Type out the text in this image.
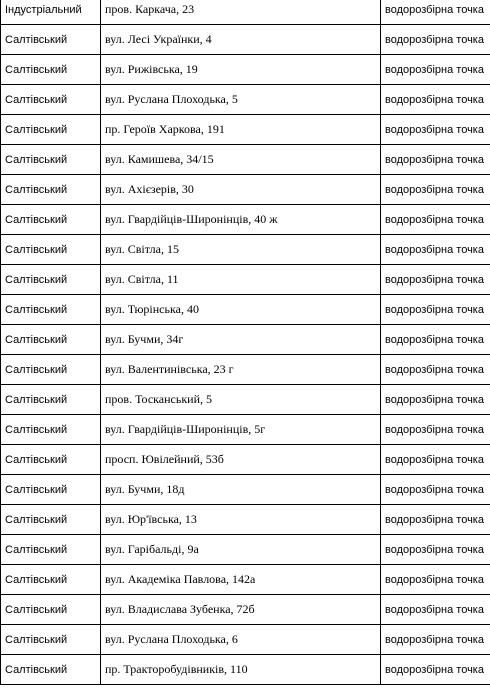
Індустріальний	пров. Каркача, 23	водорозбірна точка
Салтівський	вул. Лесі Українки, 4	водорозбірна точка
Салтівський	вул. Рижівська, 19	водорозбірна точка
Салтівський	вул. Руслана Плоходька, 5	водорозбірна точка
Салтівський	пр. Героїв Харкова, 191	водорозбірна точка
Салтівський	вул. Камишева, 34/15	водорозбірна точка
Салтівський	вул. Ахієзерів, 30	водорозбірна точка
Салтівський	вул. Гвардійців-Широнінців, 40 ж	водорозбірна точка
Салтівський	вул. Світла, 15	водорозбірна точка
Салтівський	вул. Світла, 11	водорозбірна точка
Салтівський	вул. Тюрінська, 40	водорозбірна точка
Салтівський	вул. Бучми, 34г	водорозбірна точка
Салтівський	вул. Валентинівська, 23 г	водорозбірна точка
Салтівський	пров. Тосканський, 5	водорозбірна точка
Салтівський	вул. Гвардійців-Широнінців, 5г	водорозбірна точка
Салтівський	просп. Ювілейний, 53б	водорозбірна точка
Салтівський	вул. Бучми, 18д	водорозбірна точка
Салтівський	вул. Юр'ївська, 13	водорозбірна точка
Салтівський	вул. Гарібальді, 9а	водорозбірна точка
Салтівський	вул. Академіка Павлова, 142а	водорозбірна точка
Салтівський	вул. Владислава Зубенка, 72б	водорозбірна точка
Салтівський	вул. Руслана Плоходька, 6	водорозбірна точка
Салтівський	пр. Тракторобудівників, 110	водорозбірна точка
